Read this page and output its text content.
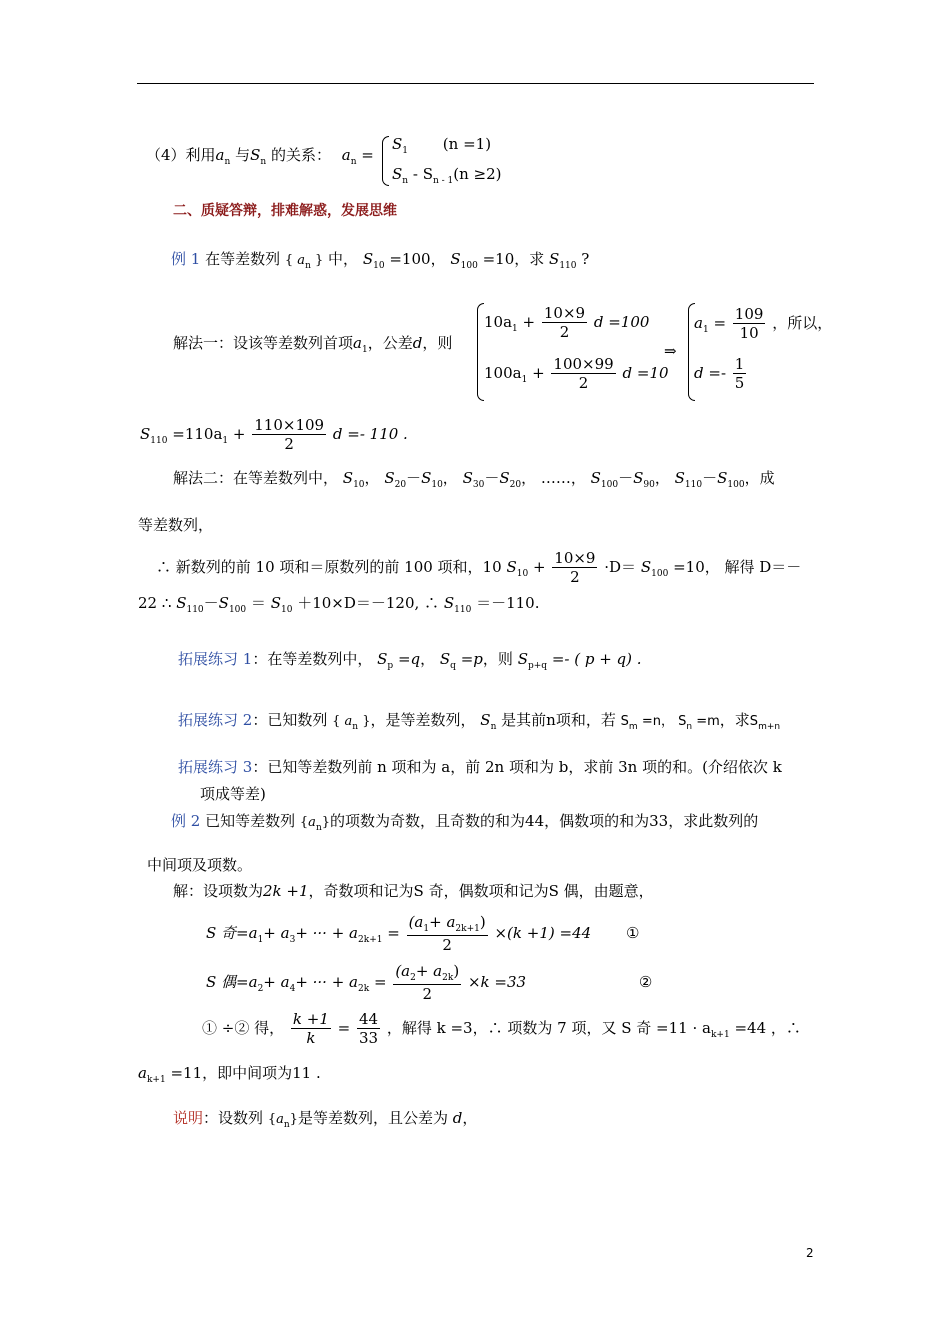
（4）利用$a_n$ 与$S_n$ 的关系： $a_n$ =
$S_1$ (n =1)
$S_n - S_{n - 1}(n \ge 2)$
二、质疑答辩，排难解惑，发展思维
例 1 在等差数列 { $a_n$ } 中， $S_{10} =100$， $S_{100} =10$，求 $S_{110}$ ?
解法一：设该等差数列首项$a_1$，公差d，则
$10a_1 + \frac{10\times 9}{2}$ d =100
$100a_1 + \frac{100\times 99}{2}$ d =10
⇒
$a_1 = \frac{109}{10}$ ，所以，
$d =- \frac{1}{5}$
$S_{110} =110a_1 + \frac{110\times 109}{2}$ d =- 110 .
解法二：在等差数列中， $S_{10}$， $S_{20}-S_{10}$， $S_{30}-S_{20}$， ……， $S_{100}-S_{90}$， $S_{110}-S_{100}$，成
等差数列，
∴ 新数列的前 10 项和＝原数列的前 100 项和，10 $S_{10} + \frac{10\times 9}{2} \cdot D= S_{100} =10$， 解得 D＝－
22 ∴ $S_{110}-S_{100} = S_{10} +10\times D=-120$, ∴ $S_{110} =-110$.
拓展练习 1：在等差数列中， $S_p =q$， $S_q =p$，则 $S_{p+q}$ =- ( p + q) .
拓展练习 2：已知数列 { $a_n$ }，是等差数列， $S_n$ 是其前n项和，若 $S_m =n$， $S_n =m$，求$S_{m+n}$
拓展练习 3：已知等差数列前 n 项和为 a，前 2n 项和为 b，求前 3n 项的和。(介绍依次 k
项成等差)
例 2 已知等差数列 $\{a_n\}$的项数为奇数，且奇数的和为44，偶数项的和为33，求此数列的
中间项及项数。
解：设项数为2k +1，奇数项和记为S 奇，偶数项和记为S 偶，由题意，
S 奇$=a_1+ a_3+$ ··· + $a_{2k+1} = \frac{(a_1+ a_{2k+1})}{2} \times(k +1) =44$ ①
S 偶$=a_2+ a_4+$ ··· + $a_{2k} = \frac{(a_2+ a_{2k})}{2} \times k =33$	②
① ÷② 得， $\frac{k +1}{k} = \frac{44}{33}$ ，解得 k =3，∴ 项数为 7 项，又 S 奇 $=11 \cdot a_{k+1} =44$ ，∴
$a_{k+1} =11$，即中间项为11 .
说明：设数列 $\{a_n\}$是等差数列，且公差为 d，
2
